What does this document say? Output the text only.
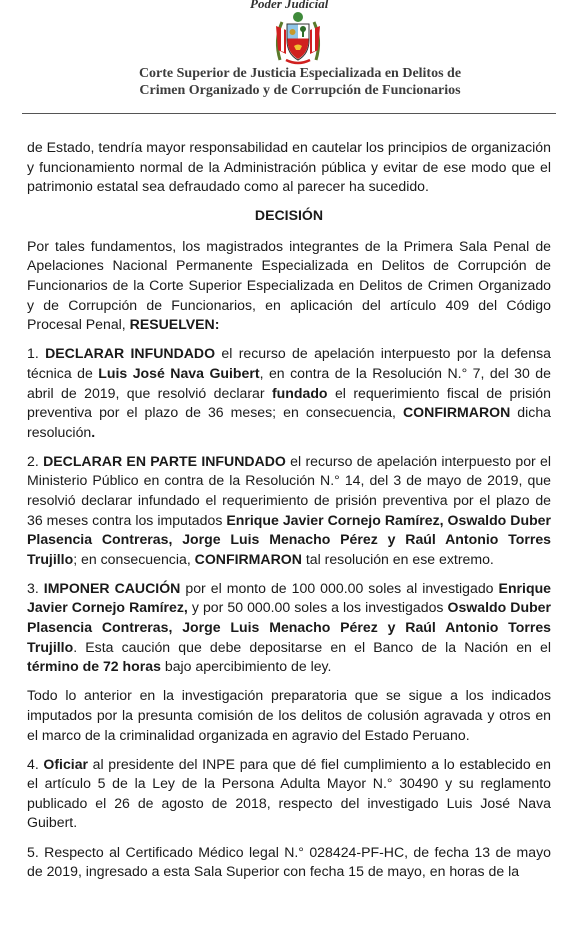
Poder Judicial
Corte Superior de Justicia Especializada en Delitos de
Crimen Organizado y de Corrupción de Funcionarios

de Estado, tendría mayor responsabilidad en cautelar los principios de organización y funcionamiento normal de la Administración pública y evitar de ese modo que el patrimonio estatal sea defraudado como al parecer ha sucedido.

DECISIÓN

Por tales fundamentos, los magistrados integrantes de la Primera Sala Penal de Apelaciones Nacional Permanente Especializada en Delitos de Corrupción de Funcionarios de la Corte Superior Especializada en Delitos de Crimen Organizado y de Corrupción de Funcionarios, en aplicación del artículo 409 del Código Procesal Penal, RESUELVEN:

1. DECLARAR INFUNDADO el recurso de apelación interpuesto por la defensa técnica de Luis José Nava Guibert, en contra de la Resolución N.° 7, del 30 de abril de 2019, que resolvió declarar fundado el requerimiento fiscal de prisión preventiva por el plazo de 36 meses; en consecuencia, CONFIRMARON dicha resolución.

2. DECLARAR EN PARTE INFUNDADO el recurso de apelación interpuesto por el Ministerio Público en contra de la Resolución N.° 14, del 3 de mayo de 2019, que resolvió declarar infundado el requerimiento de prisión preventiva por el plazo de 36 meses contra los imputados Enrique Javier Cornejo Ramírez, Oswaldo Duber Plasencia Contreras, Jorge Luis Menacho Pérez y Raúl Antonio Torres Trujillo; en consecuencia, CONFIRMARON tal resolución en ese extremo.

3. IMPONER CAUCIÓN por el monto de 100 000.00 soles al investigado Enrique Javier Cornejo Ramírez, y por 50 000.00 soles a los investigados Oswaldo Duber Plasencia Contreras, Jorge Luis Menacho Pérez y Raúl Antonio Torres Trujillo. Esta caución que debe depositarse en el Banco de la Nación en el término de 72 horas bajo apercibimiento de ley.

Todo lo anterior en la investigación preparatoria que se sigue a los indicados imputados por la presunta comisión de los delitos de colusión agravada y otros en el marco de la criminalidad organizada en agravio del Estado Peruano.

4. Oficiar al presidente del INPE para que dé fiel cumplimiento a lo establecido en el artículo 5 de la Ley de la Persona Adulta Mayor N.° 30490 y su reglamento publicado el 26 de agosto de 2018, respecto del investigado Luis José Nava Guibert.

5. Respecto al Certificado Médico legal N.° 028424-PF-HC, de fecha 13 de mayo de 2019, ingresado a esta Sala Superior con fecha 15 de mayo, en horas de la
